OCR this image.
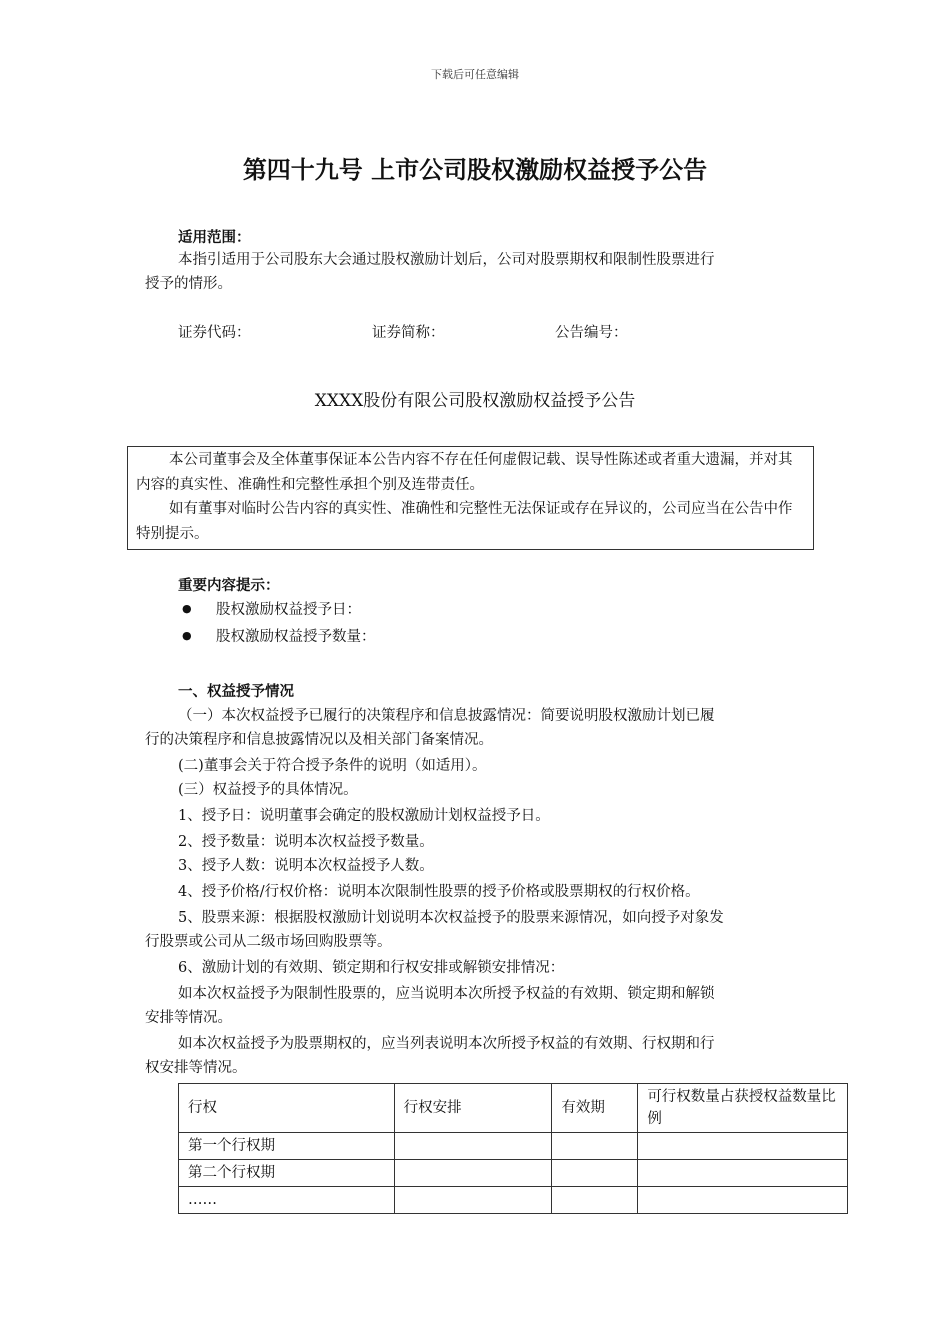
下载后可任意编辑
第四十九号 上市公司股权激励权益授予公告
适用范围：
本指引适用于公司股东大会通过股权激励计划后，公司对股票期权和限制性股票进行
授予的情形。
证券代码：	证券简称：	公告编号：
XXXX股份有限公司股权激励权益授予公告

本公司董事会及全体董事保证本公告内容不存在任何虚假记载、误导性陈述或者重大遗漏，并对其内容的真实性、准确性和完整性承担个别及连带责任。

如有董事对临时公告内容的真实性、准确性和完整性无法保证或存在异议的，公司应当在公告中作特别提示。

重要内容提示：
● 股权激励权益授予日：
● 股权激励权益授予数量：
一、权益授予情况
（一）本次权益授予已履行的决策程序和信息披露情况：简要说明股权激励计划已履
行的决策程序和信息披露情况以及相关部门备案情况。
(二)董事会关于符合授予条件的说明（如适用）。
(三）权益授予的具体情况。
1、授予日：说明董事会确定的股权激励计划权益授予日。
2、授予数量：说明本次权益授予数量。
3、授予人数：说明本次权益授予人数。
4、授予价格/行权价格：说明本次限制性股票的授予价格或股票期权的行权价格。
5、股票来源：根据股权激励计划说明本次权益授予的股票来源情况，如向授予对象发
行股票或公司从二级市场回购股票等。
6、激励计划的有效期、锁定期和行权安排或解锁安排情况：
如本次权益授予为限制性股票的，应当说明本次所授予权益的有效期、锁定期和解锁
安排等情况。
如本次权益授予为股票期权的，应当列表说明本次所授予权益的有效期、行权期和行
权安排等情况。
行权	行权安排	有效期	可行权数量占获授权益数量比例
第一个行权期			
第二个行权期			
……			
